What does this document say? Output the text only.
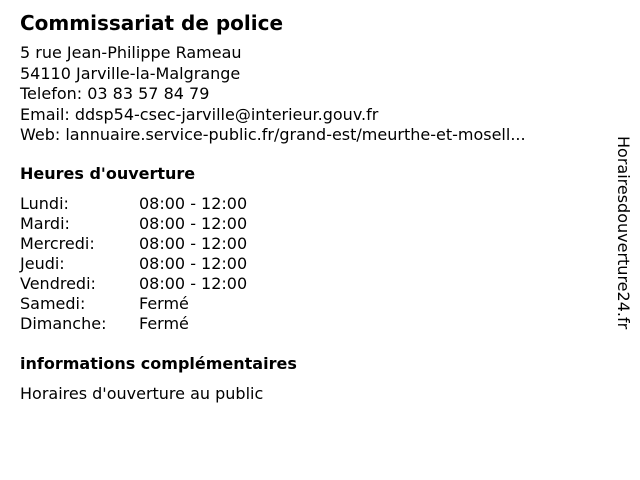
Commissariat de police
5 rue Jean-Philippe Rameau
54110 Jarville-la-Malgrange
Telefon: 03 83 57 84 79
Email: ddsp54-csec-jarville@interieur.gouv.fr
Web: lannuaire.service-public.fr/grand-est/meurthe-et-mosell...
Heures d'ouverture
Lundi:	08:00 - 12:00
Mardi:	08:00 - 12:00
Mercredi:	08:00 - 12:00
Jeudi:	08:00 - 12:00
Vendredi:	08:00 - 12:00
Samedi:	Fermé
Dimanche:	Fermé
informations complémentaires
Horaires d'ouverture au public
Horairesdouverture24.fr
